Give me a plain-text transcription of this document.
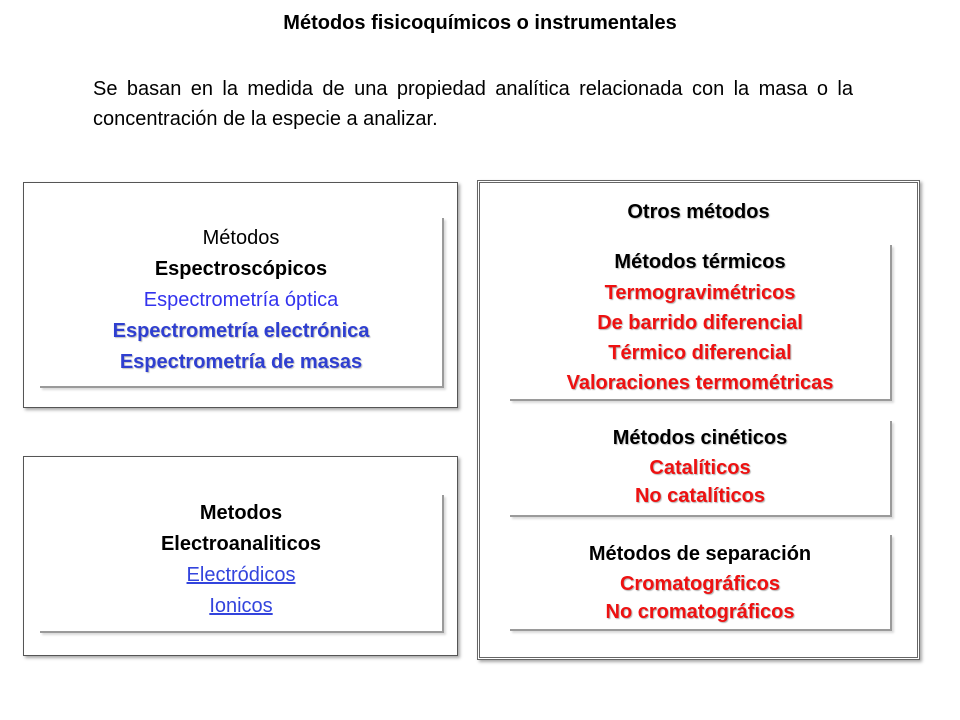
Métodos fisicoquímicos o instrumentales
Se basan en la medida de una propiedad analítica relacionada con la masa o la concentración de la especie a analizar.
Métodos
Espectroscópicos
Espectrometría óptica
Espectrometría electrónica
Espectrometría de masas
Metodos
Electroanaliticos
Electródicos
Ionicos
Otros métodos
Métodos térmicos
Termogravimétricos
De barrido diferencial
Térmico diferencial
Valoraciones termométricas
Métodos cinéticos
Catalíticos
No catalíticos
Métodos de separación
Cromatográficos
No cromatográficos
